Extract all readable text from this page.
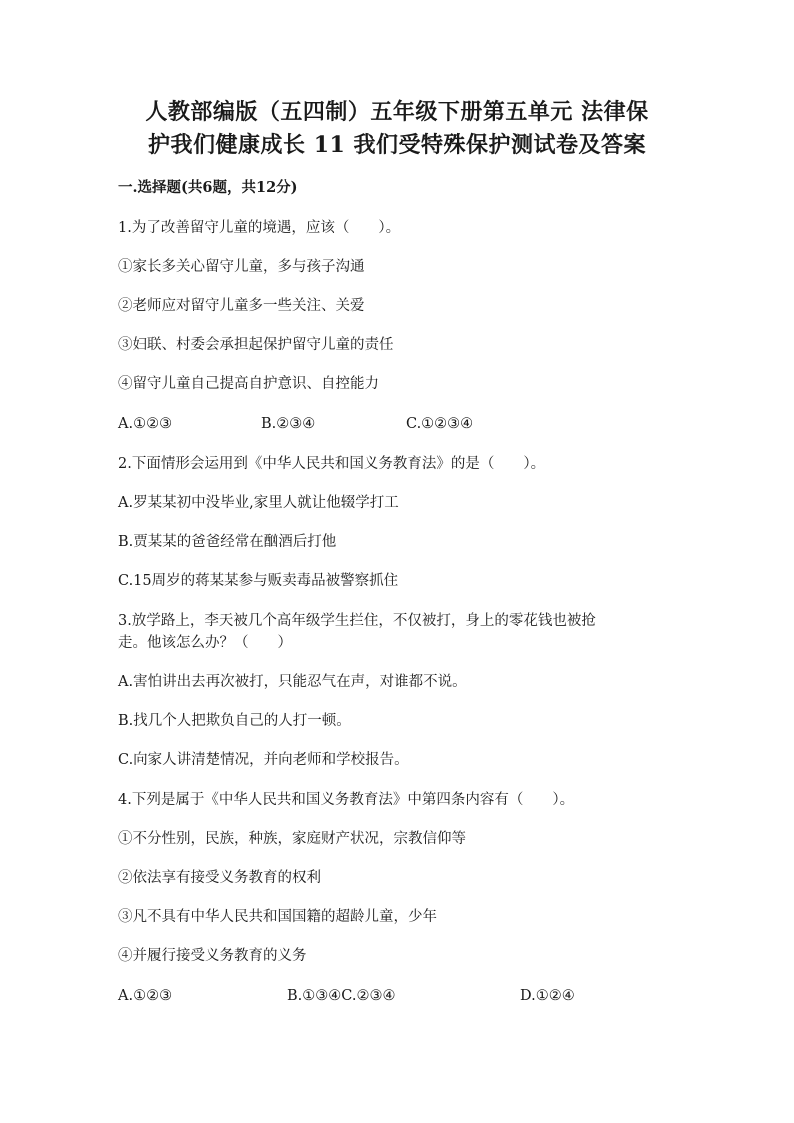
人教部编版（五四制）五年级下册第五单元 法律保
护我们健康成长 11 我们受特殊保护测试卷及答案
一.选择题(共6题，共12分)
1.为了改善留守儿童的境遇，应该（　　）。
①家长多关心留守儿童，多与孩子沟通
②老师应对留守儿童多一些关注、关爱
③妇联、村委会承担起保护留守儿童的责任
④留守儿童自己提高自护意识、自控能力
A.①②③	B.②③④	C.①②③④
2.下面情形会运用到《中华人民共和国义务教育法》的是（　　）。
A.罗某某初中没毕业,家里人就让他辍学打工
B.贾某某的爸爸经常在酗酒后打他
C.15周岁的蒋某某参与贩卖毒品被警察抓住
3.放学路上，李天被几个高年级学生拦住，不仅被打，身上的零花钱也被抢
走。他该怎么办？（　　）
A.害怕讲出去再次被打，只能忍气在声，对谁都不说。
B.找几个人把欺负自己的人打一顿。
C.向家人讲清楚情况，并向老师和学校报告。
4.下列是属于《中华人民共和国义务教育法》中第四条内容有（　　）。
①不分性别，民族，种族，家庭财产状况，宗教信仰等
②依法享有接受义务教育的权利
③凡不具有中华人民共和国国籍的超龄儿童，少年
④并履行接受义务教育的义务
A.①②③	B.①③④C.②③④	D.①②④
